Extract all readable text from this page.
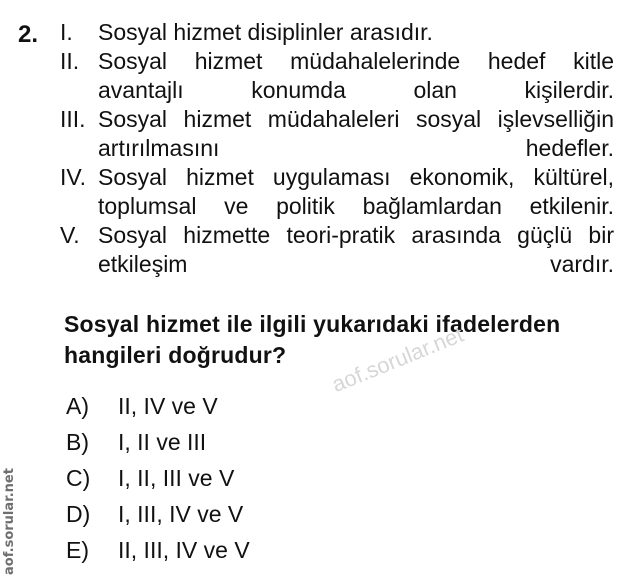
2. I.	Sosyal hizmet disiplinler arasıdır.
II. Sosyal hizmet müdahalelerinde hedef kitle avantajlı konumda olan kişilerdir.
III. Sosyal hizmet müdahaleleri sosyal işlevselliğin artırılmasını hedefler.
IV. Sosyal hizmet uygulaması ekonomik, kültürel, toplumsal ve politik bağlamlardan etkilenir.
V. Sosyal hizmette teori-pratik arasında güçlü bir etkileşim vardır.
Sosyal hizmet ile ilgili yukarıdaki ifadelerden hangileri doğrudur?
A)	II, IV ve V
B)	I, II ve III
C)	I, II, III ve V
D)	I, III, IV ve V
E)	II, III, IV ve V
aof.sorular.net
aof.sorular.net
